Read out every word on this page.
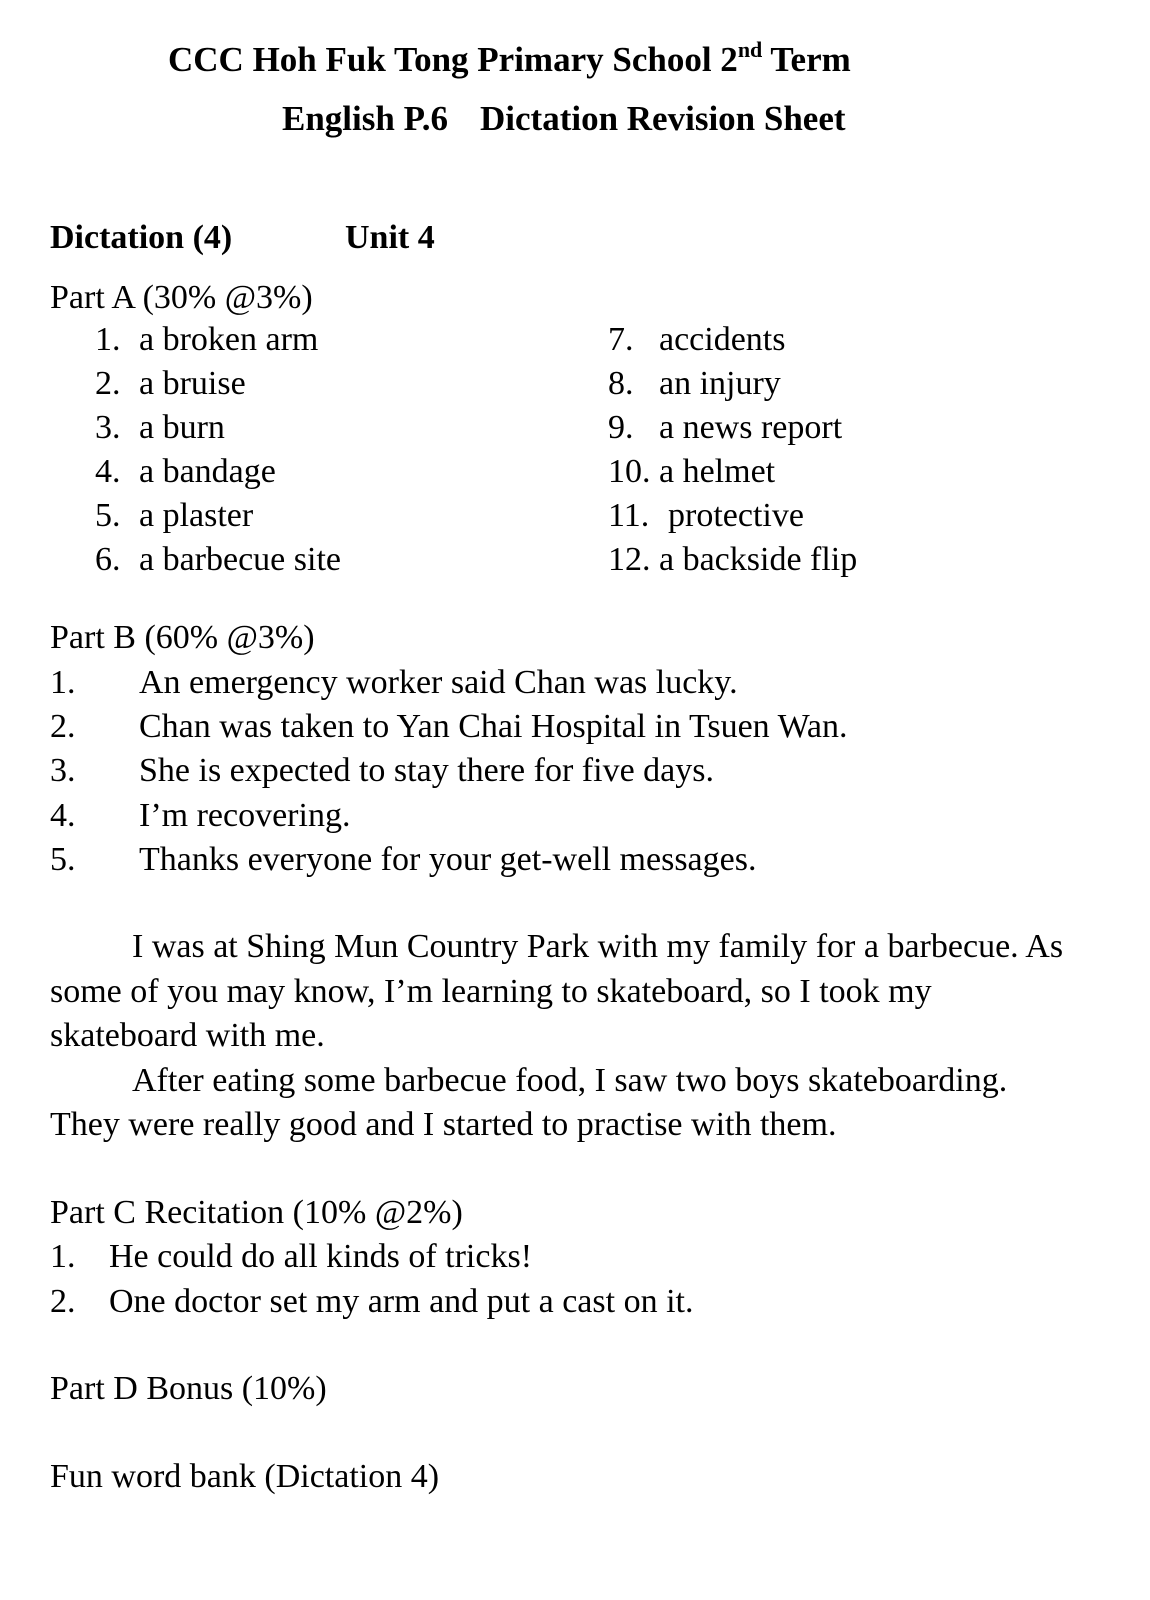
CCC Hoh Fuk Tong Primary School 2nd Term
English P.6 Dictation Revision Sheet
Dictation (4)	Unit 4
Part A (30% @3%)
1. a broken arm
2. a bruise
3. a burn
4. a bandage
5. a plaster
6. a barbecue site
7. accidents
8. an injury
9. a news report
10. a helmet
11. protective
12. a backside flip
Part B (60% @3%)
1. An emergency worker said Chan was lucky.
2. Chan was taken to Yan Chai Hospital in Tsuen Wan.
3. She is expected to stay there for five days.
4. I’m recovering.
5. Thanks everyone for your get-well messages.
I was at Shing Mun Country Park with my family for a barbecue. As
some of you may know, I’m learning to skateboard, so I took my
skateboard with me.
After eating some barbecue food, I saw two boys skateboarding.
They were really good and I started to practise with them.
Part C Recitation (10% @2%)
1. He could do all kinds of tricks!
2. One doctor set my arm and put a cast on it.
Part D Bonus (10%)
Fun word bank (Dictation 4)
